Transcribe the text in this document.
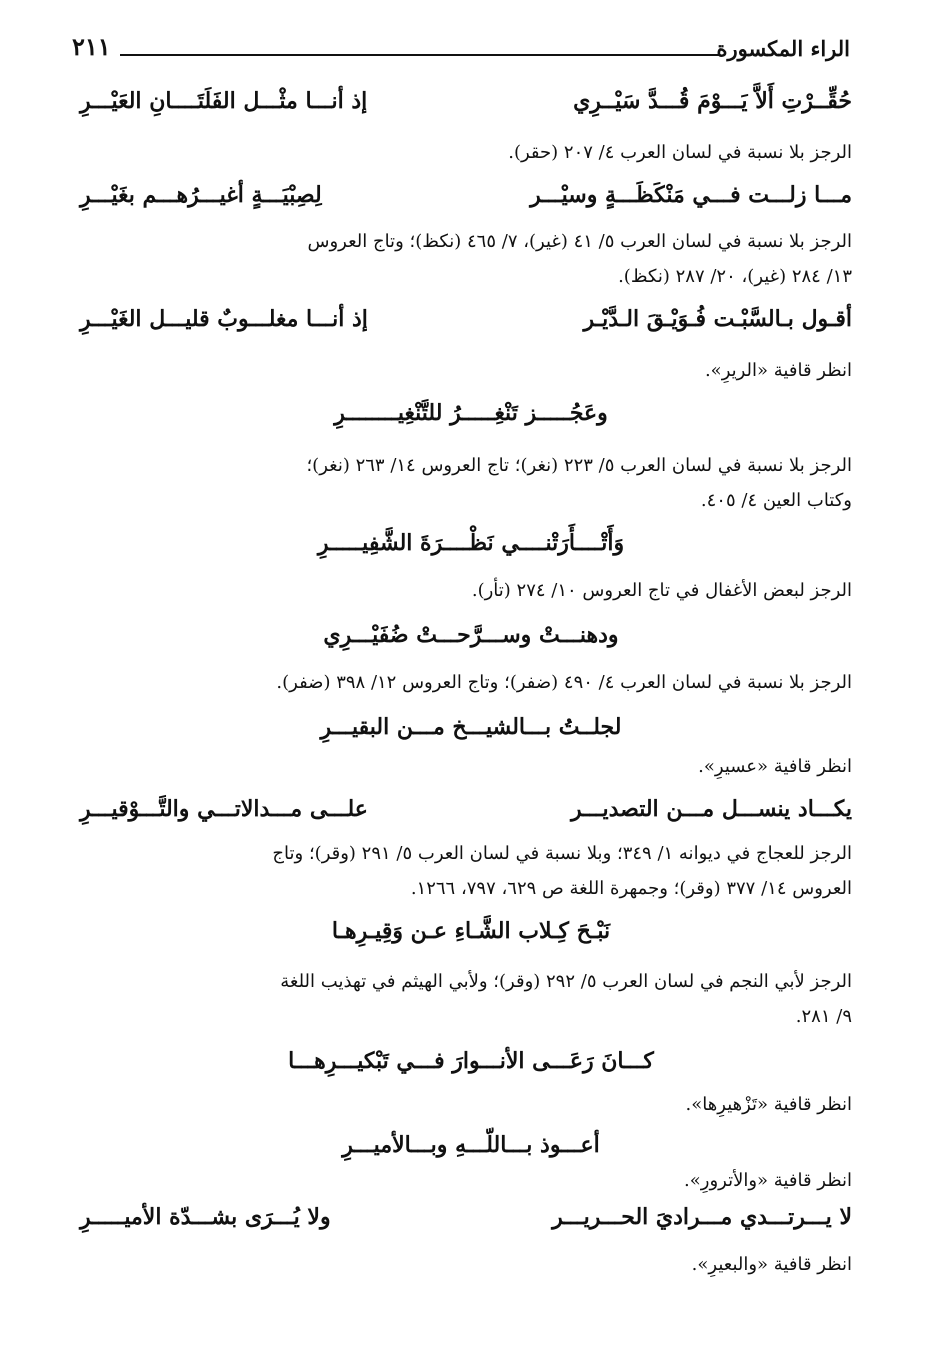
الراء المكسورة
٢١١
حُقِّــرْتِ أَلاَّ يَـــوْمَ قُـــدَّ سَيْــرِي
إذ أنـــا مثْـــل الفَلَتَــــانِ العَيْـــرِ
الرجز بلا نسبة في لسان العرب ٤/ ٢٠٧ (حقر).
مـــا زلـــت فـــي مَنْكَظَـــةٍ وسيْـــر
لِصِبْيَـــةٍ أغيـــرُهـــم بغَيْـــرِ
الرجز بلا نسبة في لسان العرب ٥/ ٤١ (غير)، ٧/ ٤٦٥ (نكظ)؛ وتاج العروس
١٣/ ٢٨٤ (غير)، ٢٠/ ٢٨٧ (نكظ).
أقـول بـالسَّبْـت فُـوَيْـقَ الـدَّيْـر
إذ أنـــا مغلـــوبٌ قليـــل الغَيْـــرِ
انظر قافية «الريرِ».
وعَجُـــــز تَنْغِـــــرُ للتَّنْغِيــــــــرِ
الرجز بلا نسبة في لسان العرب ٥/ ٢٢٣ (نغر)؛ تاج العروس ١٤/ ٢٦٣ (نغر)؛
وكتاب العين ٤/ ٤٠٥.
وَأَتْــــأَرَتْنــــي نَظْــــرَةَ الشَّفِيـــــرِ
الرجز لبعض الأغفال في تاج العروس ١٠/ ٢٧٤ (تأر).
ودهنـــتْ وســـرَّحـــتْ ضُفَيْـــرِي
الرجز بلا نسبة في لسان العرب ٤/ ٤٩٠ (ضفر)؛ وتاج العروس ١٢/ ٣٩٨ (ضفر).
لجلــتُ بـــالشيـــخ مـــن البقيـــرِ
انظر قافية «عسيرِ».
يكـــاد ينســـل مـــن التصديـــر
علـــى مـــدالاتـــي والتَّـــوْقيـــرِ
الرجز للعجاج في ديوانه ١/ ٣٤٩؛ وبلا نسبة في لسان العرب ٥/ ٢٩١ (وقر)؛ وتاج
العروس ١٤/ ٣٧٧ (وقر)؛ وجمهرة اللغة ص ٦٢٩، ٧٩٧، ١٢٦٦.
نَبْـحَ كِـلاب الشَّـاءِ عـن وَقِيـرِهـا
الرجز لأبي النجم في لسان العرب ٥/ ٢٩٢ (وقر)؛ ولأبي الهيثم في تهذيب اللغة
٩/ ٢٨١.
كـــانَ رَعَـــى الأنـــوارَ فـــي تَبْكيـــرِهـــا
انظر قافية «تَزْهيرِها».
أعـــوذ بـــاللّـــهِ وبـــالأميـــرِ
انظر قافية «والأترورِ».
لا يـــرتـــدي مـــراديَ الحـــريـــر
ولا يُـــرَى بشـــدّة الأميـــــرِ
انظر قافية «والبعيرِ».
